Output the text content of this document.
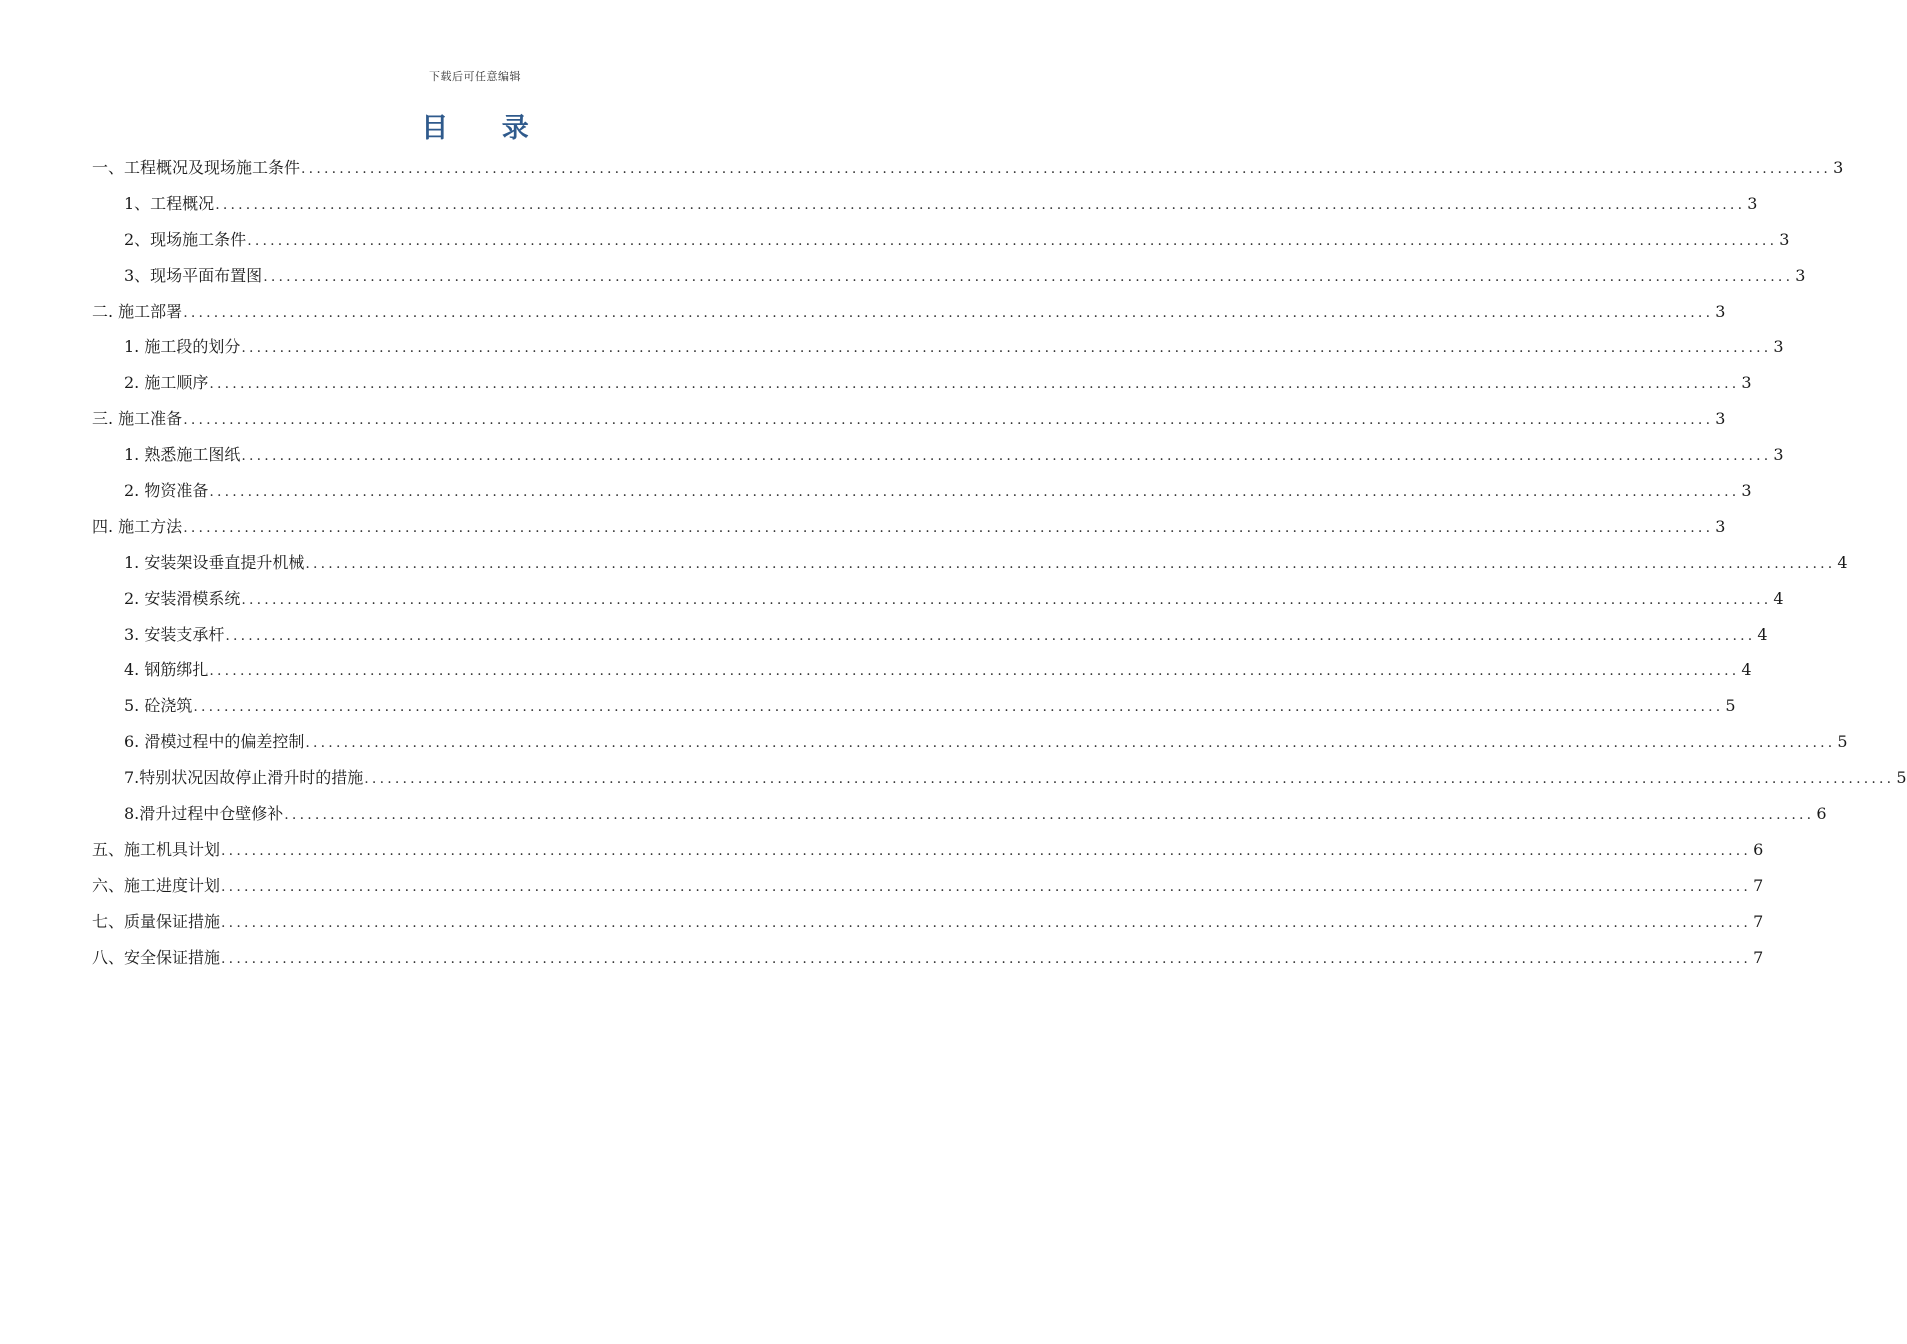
下载后可任意编辑
目 录
一、工程概况及现场施工条件 ........................................................................................................................................................................................................ 3
1、工程概况 ........................................................................................................................................................................................................ 3
2、现场施工条件 ........................................................................................................................................................................................................ 3
3、现场平面布置图 ........................................................................................................................................................................................................ 3
二. 施工部署 ........................................................................................................................................................................................................ 3
1. 施工段的划分 ........................................................................................................................................................................................................ 3
2. 施工顺序 ........................................................................................................................................................................................................ 3
三. 施工准备 ........................................................................................................................................................................................................ 3
1. 熟悉施工图纸 ........................................................................................................................................................................................................ 3
2. 物资准备 ........................................................................................................................................................................................................ 3
四. 施工方法 ........................................................................................................................................................................................................ 3
1. 安装架设垂直提升机械 ........................................................................................................................................................................................................ 4
2. 安装滑模系统 ........................................................................................................................................................................................................ 4
3. 安装支承杆 ........................................................................................................................................................................................................ 4
4. 钢筋绑扎 ........................................................................................................................................................................................................ 4
5. 砼浇筑 ........................................................................................................................................................................................................ 5
6. 滑模过程中的偏差控制 ........................................................................................................................................................................................................ 5
7.特别状况因故停止滑升时的措施 ........................................................................................................................................................................................................ 5
8.滑升过程中仓壁修补 ........................................................................................................................................................................................................ 6
五、施工机具计划 ........................................................................................................................................................................................................ 6
六、施工进度计划 ........................................................................................................................................................................................................ 7
七、质量保证措施 ........................................................................................................................................................................................................ 7
八、安全保证措施 ........................................................................................................................................................................................................ 7
